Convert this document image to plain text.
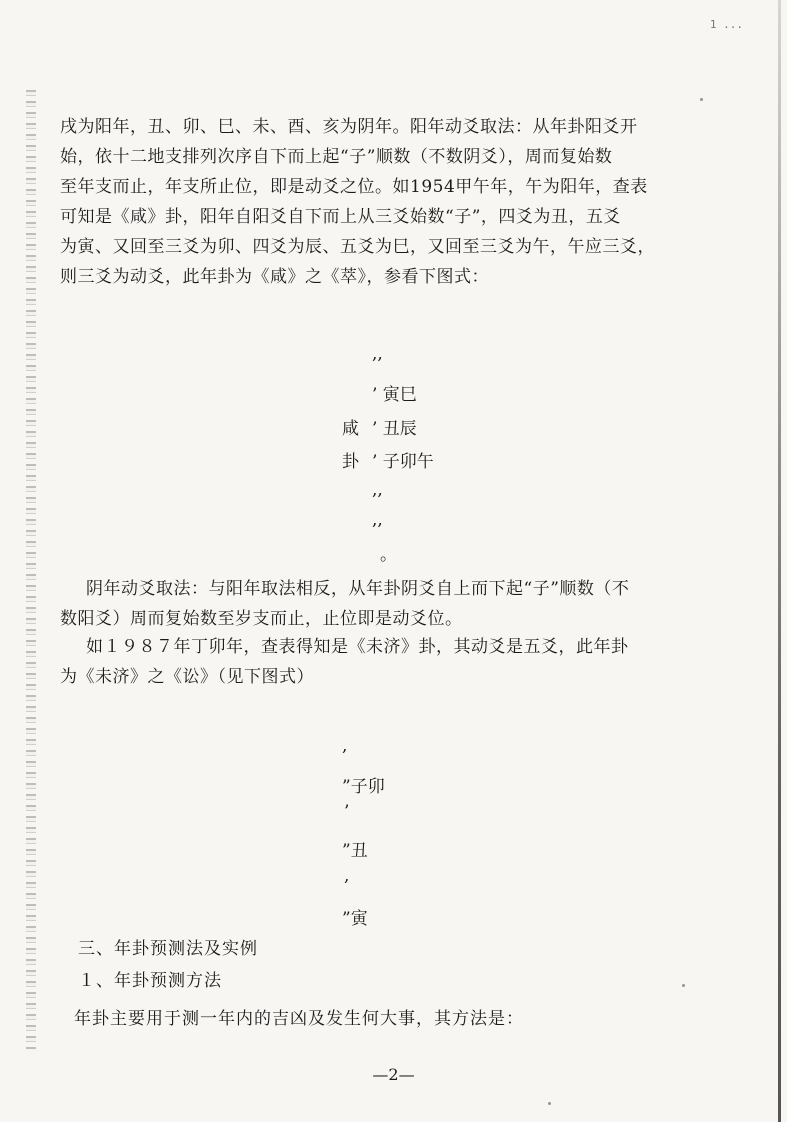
1 ...
戌为阳年，丑、卯、巳、未、酉、亥为阴年。阳年动爻取法：从年卦阳爻开
始，依十二地支排列次序自下而上起“子”顺数（不数阴爻），周而复始数
至年支而止，年支所止位，即是动爻之位。如1954甲午年，午为阳年，查表
可知是《咸》卦，阳年自阳爻自下而上从三爻始数“子”，四爻为丑，五爻
为寅、又回至三爻为卯、四爻为辰、五爻为巳，又回至三爻为午，午应三爻，
则三爻为动爻，此年卦为《咸》之《萃》，参看下图式：
,,
’ 寅巳
’ 丑辰
’ 子卯午
,,
,,
。
咸
卦
阴年动爻取法：与阳年取法相反，从年卦阴爻自上而下起“子”顺数（不
数阳爻）周而复始数至岁支而止，止位即是动爻位。
如１９８７年丁卯年，查表得知是《未济》卦，其动爻是五爻，此年卦
为《未济》之《讼》（见下图式）
,
”子卯
’
”丑
,
”寅
三、年卦预测法及实例
１、年卦预测方法
年卦主要用于测一年内的吉凶及发生何大事，其方法是：
—2—
